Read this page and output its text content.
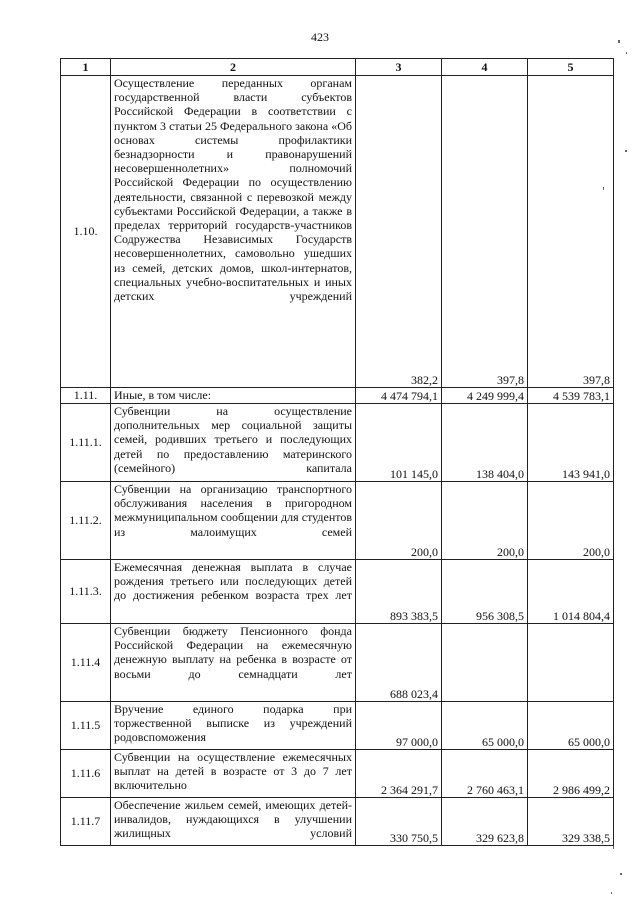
423
1	2	3	4	5
1.10.	Осуществление переданных органам государственной власти субъектов Российской Федерации в соответствии с пунктом 3 статьи 25 Федерального закона «Об основах системы профилактики безнадзорности и правонарушений несовершеннолетних» полномочий Российской Федерации по осуществлению деятельности, связанной с перевозкой между субъектами Российской Федерации, а также в пределах территорий государств-участников Содружества Независимых Государств несовершеннолетних, самовольно ушедших из семей, детских домов, школ-интернатов, специальных учебно-воспитательных и иных детских учреждений	382,2	397,8	397,8
1.11.	Иные, в том числе:	4 474 794,1	4 249 999,4	4 539 783,1
1.11.1.	Субвенции на осуществление дополнительных мер социальной защиты семей, родивших третьего и последующих детей по предоставлению материнского (семейного) капитала	101 145,0	138 404,0	143 941,0
1.11.2.	Субвенции на организацию транспортного обслуживания населения в пригородном межмуниципальном сообщении для студентов из малоимущих семей	200,0	200,0	200,0
1.11.3.	Ежемесячная денежная выплата в случае рождения третьего или последующих детей до достижения ребенком возраста трех лет	893 383,5	956 308,5	1 014 804,4
1.11.4	Субвенции бюджету Пенсионного фонда Российской Федерации на ежемесячную денежную выплату на ребенка в возрасте от восьми до семнадцати лет	688 023,4		
1.11.5	Вручение единого подарка при торжественной выписке из учреждений родовспоможения	97 000,0	65 000,0	65 000,0
1.11.6	Субвенции на осуществление ежемесячных выплат на детей в возрасте от 3 до 7 лет включительно	2 364 291,7	2 760 463,1	2 986 499,2
1.11.7	Обеспечение жильем семей, имеющих детей-инвалидов, нуждающихся в улучшении жилищных условий	330 750,5	329 623,8	329 338,5
